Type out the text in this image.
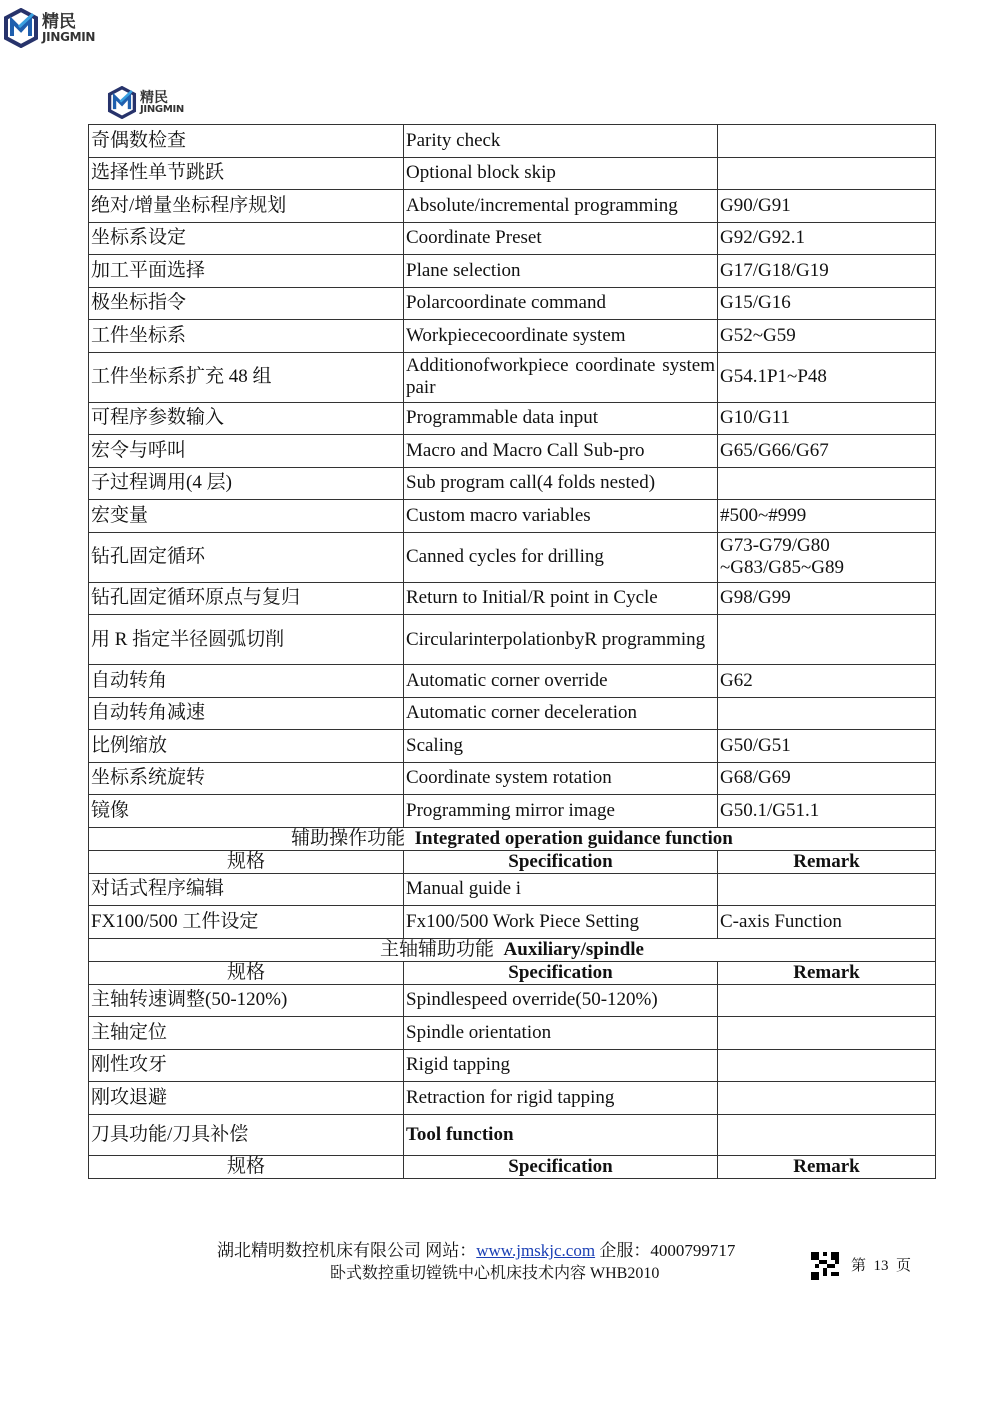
精民
JINGMIN
精民
JINGMIN
奇偶数检查	Parity check	
选择性单节跳跃	Optional block skip	
绝对/增量坐标程序规划	Absolute/incremental programming	G90/G91
坐标系设定	Coordinate Preset	G92/G92.1
加工平面选择	Plane selection	G17/G18/G19
极坐标指令	Polarcoordinate command	G15/G16
工件坐标系	Workpiececoordinate system	G52~G59
工件坐标系扩充 48 组	Additionofworkpiece coordinate system pair	G54.1P1~P48
可程序参数输入	Programmable data input	G10/G11
宏令与呼叫	Macro and Macro Call Sub-pro	G65/G66/G67
子过程调用(4 层)	Sub program call(4 folds nested)	
宏变量	Custom macro variables	#500~#999
钻孔固定循环	Canned cycles for drilling	G73-G79/G80 ~G83/G85~G89
钻孔固定循环原点与复归	Return to Initial/R point in Cycle	G98/G99
用 R 指定半径圆弧切削	CircularinterpolationbyR programming	
自动转角	Automatic corner override	G62
自动转角减速	Automatic corner deceleration	
比例缩放	Scaling	G50/G51
坐标系统旋转	Coordinate system rotation	G68/G69
镜像	Programming mirror image	G50.1/G51.1
辅助操作功能 Integrated operation guidance function		
规格	Specification	Remark
对话式程序编辑	Manual guide i	
FX100/500 工件设定	Fx100/500 Work Piece Setting	C-axis Function
主轴辅助功能 Auxiliary/spindle		
规格	Specification	Remark
主轴转速调整(50-120%)	Spindlespeed override(50-120%)	
主轴定位	Spindle orientation	
刚性攻牙	Rigid tapping	
刚攻退避	Retraction for rigid tapping	
刀具功能/刀具补偿	Tool function	
规格	Specification	Remark
湖北精明数控机床有限公司 网站：www.jmskjc.com 企服：4000799717
卧式数控重切镗铣中心机床技术内容 WHB2010	第 13 页
